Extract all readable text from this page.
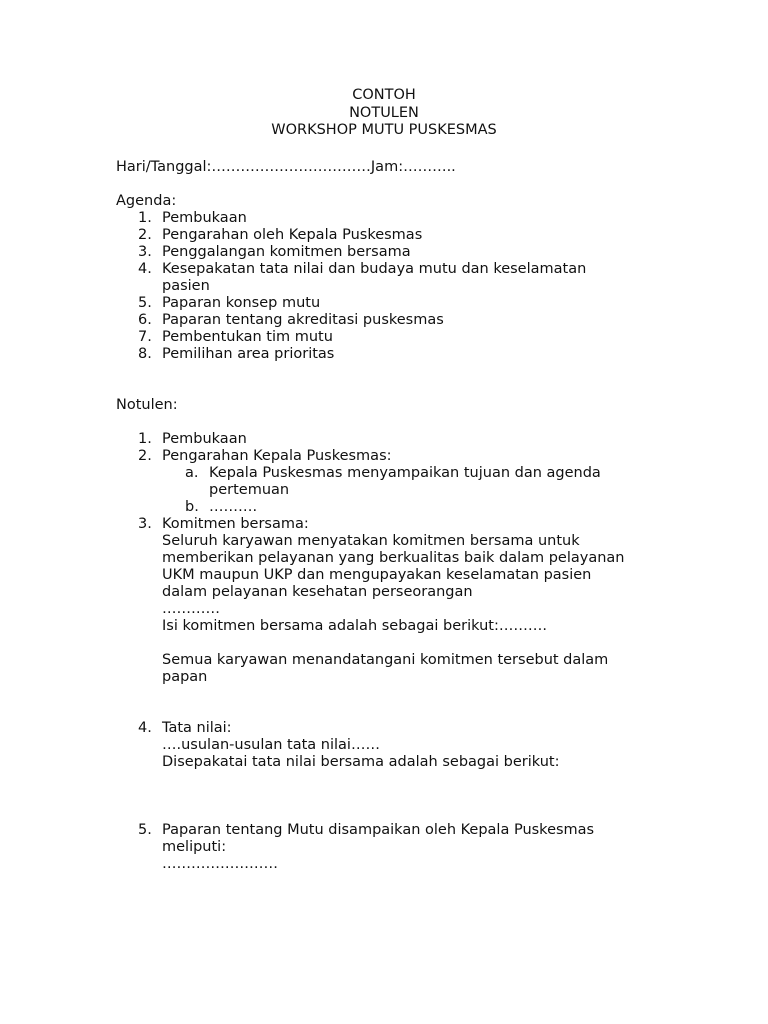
CONTOH
NOTULEN
WORKSHOP MUTU PUSKESMAS
Hari/Tanggal:……………………………Jam:………..
Agenda:
1. Pembukaan
2. Pengarahan oleh Kepala Puskesmas
3. Penggalangan komitmen bersama
4. Kesepakatan tata nilai dan budaya mutu dan keselamatan pasien
5. Paparan konsep mutu
6. Paparan tentang akreditasi puskesmas
7. Pembentukan tim mutu
8. Pemilihan area prioritas
Notulen:
1. Pembukaan
2. Pengarahan Kepala Puskesmas:
a. Kepala Puskesmas menyampaikan tujuan dan agenda pertemuan
b. ……….
3. Komitmen bersama:
Seluruh karyawan menyatakan komitmen bersama untuk memberikan pelayanan yang berkualitas baik dalam pelayanan UKM maupun UKP dan mengupayakan keselamatan pasien dalam pelayanan kesehatan perseorangan
…………
Isi komitmen bersama adalah sebagai berikut:……….
Semua karyawan menandatangani komitmen tersebut dalam papan
4. Tata nilai:
….usulan-usulan tata nilai……
Disepakatai tata nilai bersama adalah sebagai berikut:
5. Paparan tentang Mutu disampaikan oleh Kepala Puskesmas meliputi:
……………………
